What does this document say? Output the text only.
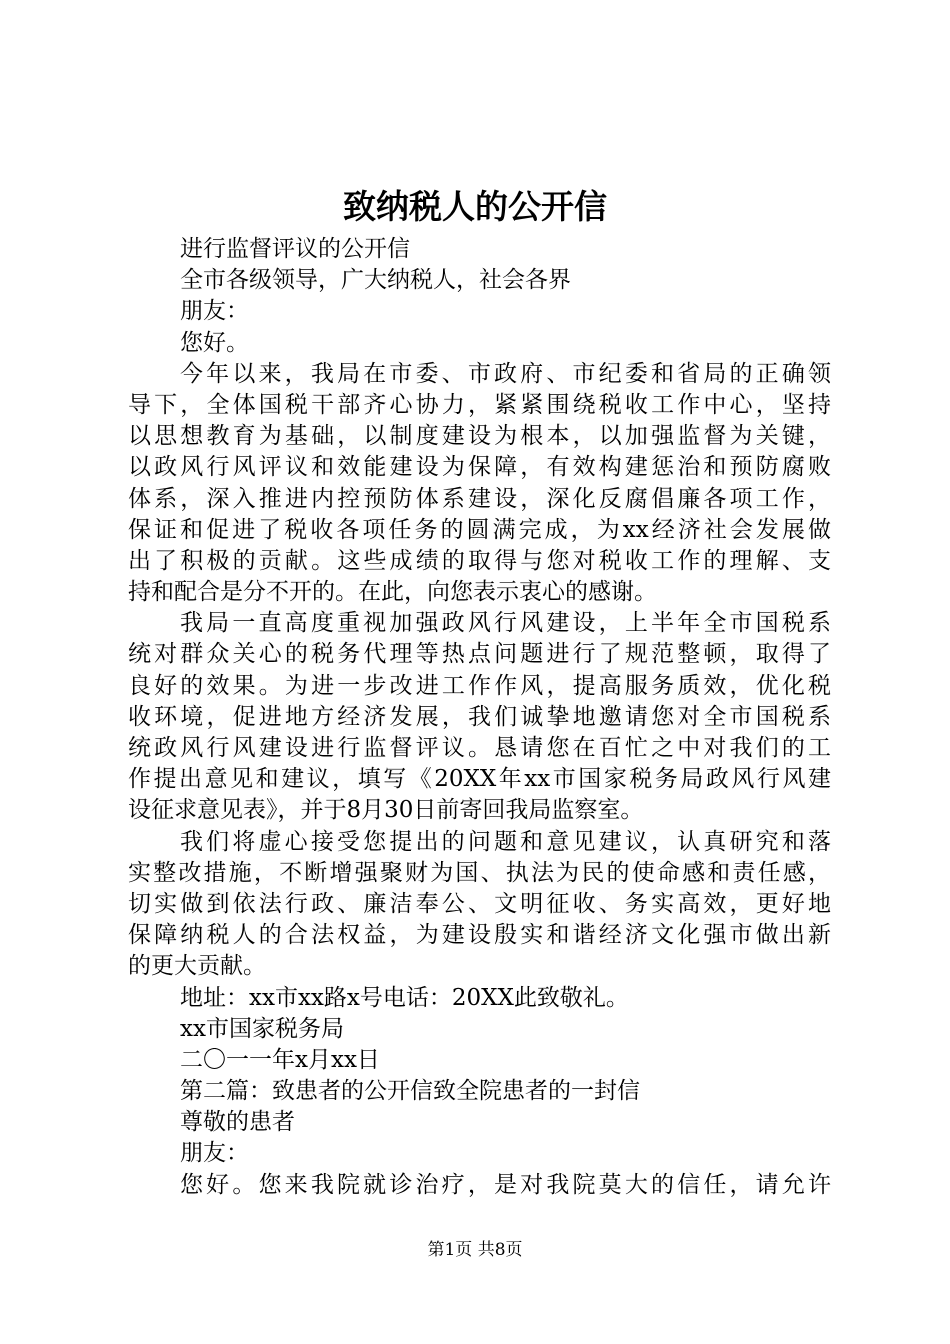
致纳税人的公开信
进行监督评议的公开信
全市各级领导，广大纳税人，社会各界
朋友：
您好。
今年以来，我局在市委、市政府、市纪委和省局的正确领
导下，全体国税干部齐心协力，紧紧围绕税收工作中心，坚持
以思想教育为基础，以制度建设为根本，以加强监督为关键，
以政风行风评议和效能建设为保障，有效构建惩治和预防腐败
体系，深入推进内控预防体系建设，深化反腐倡廉各项工作，
保证和促进了税收各项任务的圆满完成，为xx经济社会发展做
出了积极的贡献。这些成绩的取得与您对税收工作的理解、支
持和配合是分不开的。在此，向您表示衷心的感谢。
我局一直高度重视加强政风行风建设，上半年全市国税系
统对群众关心的税务代理等热点问题进行了规范整顿，取得了
良好的效果。为进一步改进工作作风，提高服务质效，优化税
收环境，促进地方经济发展，我们诚挚地邀请您对全市国税系
统政风行风建设进行监督评议。恳请您在百忙之中对我们的工
作提出意见和建议，填写《20XX年xx市国家税务局政风行风建
设征求意见表》，并于8月30日前寄回我局监察室。
我们将虚心接受您提出的问题和意见建议，认真研究和落
实整改措施，不断增强聚财为国、执法为民的使命感和责任感，
切实做到依法行政、廉洁奉公、文明征收、务实高效，更好地
保障纳税人的合法权益，为建设殷实和谐经济文化强市做出新
的更大贡献。
地址：xx市xx路x号电话：20XX此致敬礼。
xx市国家税务局
二〇一一年x月xx日
第二篇：致患者的公开信致全院患者的一封信
尊敬的患者
朋友：
您好。您来我院就诊治疗，是对我院莫大的信任，请允许
第1页 共8页
